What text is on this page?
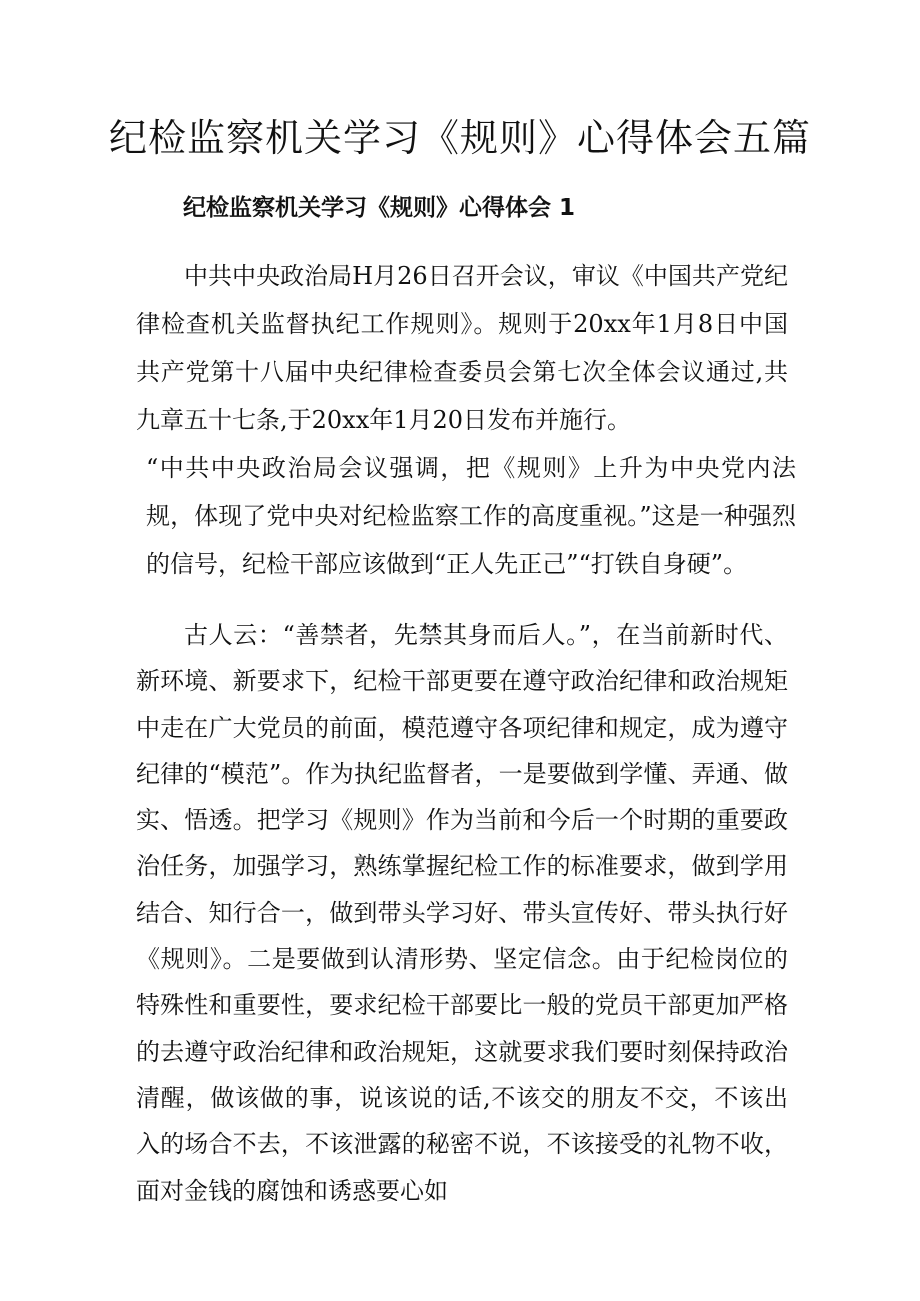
纪检监察机关学习《规则》心得体会五篇
纪检监察机关学习《规则》心得体会 1

中共中央政治局H月26日召开会议，审议《中国共产党纪律检查机关监督执纪工作规则》。规则于20xx年1月8日中国共产党第十八届中央纪律检查委员会第七次全体会议通过,共九章五十七条,于20xx年1月20日发布并施行。

“中共中央政治局会议强调，把《规则》上升为中央党内法规，体现了党中央对纪检监察工作的高度重视。”这是一种强烈的信号，纪检干部应该做到“正人先正己”“打铁自身硬”。

古人云：“善禁者，先禁其身而后人。”，在当前新时代、新环境、新要求下，纪检干部更要在遵守政治纪律和政治规矩中走在广大党员的前面，模范遵守各项纪律和规定，成为遵守纪律的“模范”。作为执纪监督者，一是要做到学懂、弄通、做实、悟透。把学习《规则》作为当前和今后一个时期的重要政治任务，加强学习，熟练掌握纪检工作的标准要求，做到学用结合、知行合一，做到带头学习好、带头宣传好、带头执行好《规则》。二是要做到认清形势、坚定信念。由于纪检岗位的特殊性和重要性，要求纪检干部要比一般的党员干部更加严格的去遵守政治纪律和政治规矩，这就要求我们要时刻保持政治清醒，做该做的事，说该说的话,不该交的朋友不交，不该出入的场合不去，不该泄露的秘密不说，不该接受的礼物不收，面对金钱的腐蚀和诱惑要心如
